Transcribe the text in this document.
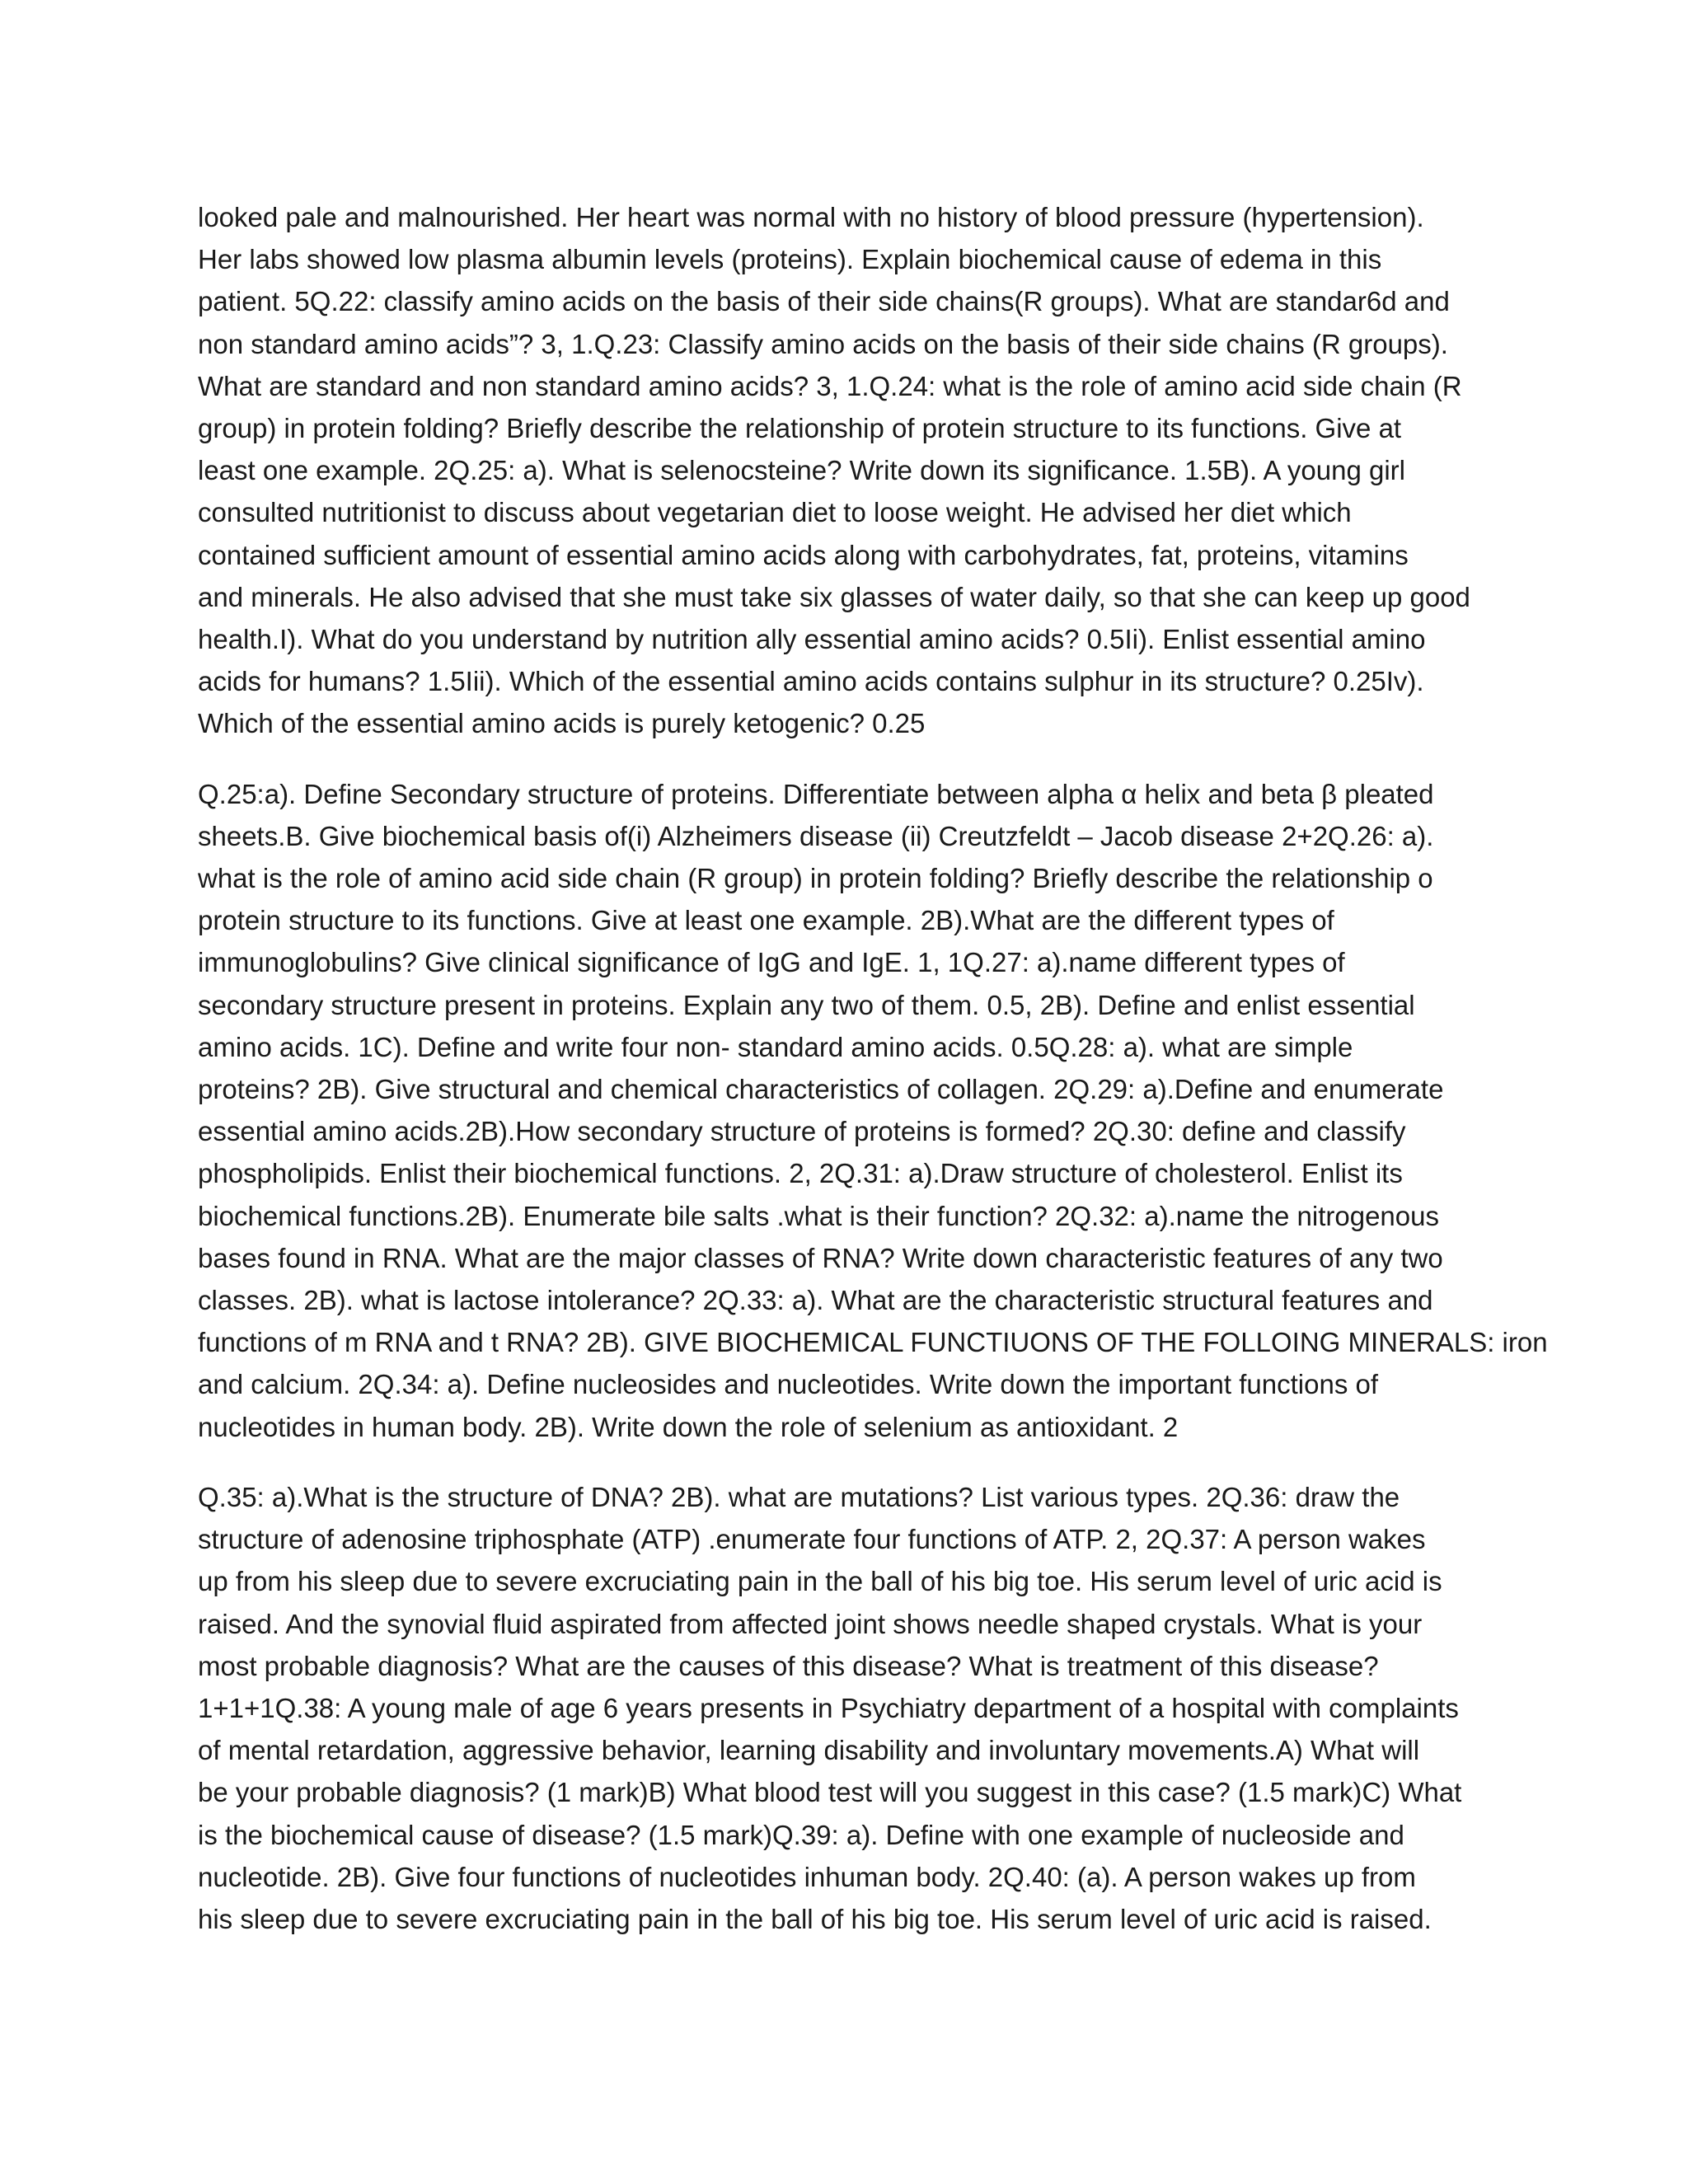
looked pale and malnourished. Her heart was normal with no history of blood pressure (hypertension).
Her labs showed low plasma albumin levels (proteins). Explain biochemical cause of edema in this
patient. 5Q.22: classify amino acids on the basis of their side chains(R groups). What are standar6d and
non standard amino acids”? 3, 1.Q.23: Classify amino acids on the basis of their side chains (R groups).
What are standard and non standard amino acids? 3, 1.Q.24: what is the role of amino acid side chain (R
group) in protein folding? Briefly describe the relationship of protein structure to its functions. Give at
least one example. 2Q.25: a). What is selenocsteine? Write down its significance. 1.5B). A young girl
consulted nutritionist to discuss about vegetarian diet to loose weight. He advised her diet which
contained sufficient amount of essential amino acids along with carbohydrates, fat, proteins, vitamins
and minerals. He also advised that she must take six glasses of water daily, so that she can keep up good
health.I). What do you understand by nutrition ally essential amino acids? 0.5Ii). Enlist essential amino
acids for humans? 1.5Iii). Which of the essential amino acids contains sulphur in its structure? 0.25Iv).
Which of the essential amino acids is purely ketogenic? 0.25

Q.25:a). Define Secondary structure of proteins. Differentiate between alpha α helix and beta β pleated
sheets.B. Give biochemical basis of(i) Alzheimers disease (ii) Creutzfeldt – Jacob disease 2+2Q.26: a).
what is the role of amino acid side chain (R group) in protein folding? Briefly describe the relationship o
protein structure to its functions. Give at least one example. 2B).What are the different types of
immunoglobulins? Give clinical significance of IgG and IgE. 1, 1Q.27: a).name different types of
secondary structure present in proteins. Explain any two of them. 0.5, 2B). Define and enlist essential
amino acids. 1C). Define and write four non- standard amino acids. 0.5Q.28: a). what are simple
proteins? 2B). Give structural and chemical characteristics of collagen. 2Q.29: a).Define and enumerate
essential amino acids.2B).How secondary structure of proteins is formed? 2Q.30: define and classify
phospholipids. Enlist their biochemical functions. 2, 2Q.31: a).Draw structure of cholesterol. Enlist its
biochemical functions.2B). Enumerate bile salts .what is their function? 2Q.32: a).name the nitrogenous
bases found in RNA. What are the major classes of RNA? Write down characteristic features of any two
classes. 2B). what is lactose intolerance? 2Q.33: a). What are the characteristic structural features and
functions of m RNA and t RNA? 2B). GIVE BIOCHEMICAL FUNCTIUONS OF THE FOLLOING MINERALS: iron
and calcium. 2Q.34: a). Define nucleosides and nucleotides. Write down the important functions of
nucleotides in human body. 2B). Write down the role of selenium as antioxidant. 2

Q.35: a).What is the structure of DNA? 2B). what are mutations? List various types. 2Q.36: draw the
structure of adenosine triphosphate (ATP) .enumerate four functions of ATP. 2, 2Q.37: A person wakes
up from his sleep due to severe excruciating pain in the ball of his big toe. His serum level of uric acid is
raised. And the synovial fluid aspirated from affected joint shows needle shaped crystals. What is your
most probable diagnosis? What are the causes of this disease? What is treatment of this disease?
1+1+1Q.38: A young male of age 6 years presents in Psychiatry department of a hospital with complaints
of mental retardation, aggressive behavior, learning disability and involuntary movements.A) What will
be your probable diagnosis? (1 mark)B) What blood test will you suggest in this case? (1.5 mark)C) What
is the biochemical cause of disease? (1.5 mark)Q.39: a). Define with one example of nucleoside and
nucleotide. 2B). Give four functions of nucleotides inhuman body. 2Q.40: (a). A person wakes up from
his sleep due to severe excruciating pain in the ball of his big toe. His serum level of uric acid is raised.
